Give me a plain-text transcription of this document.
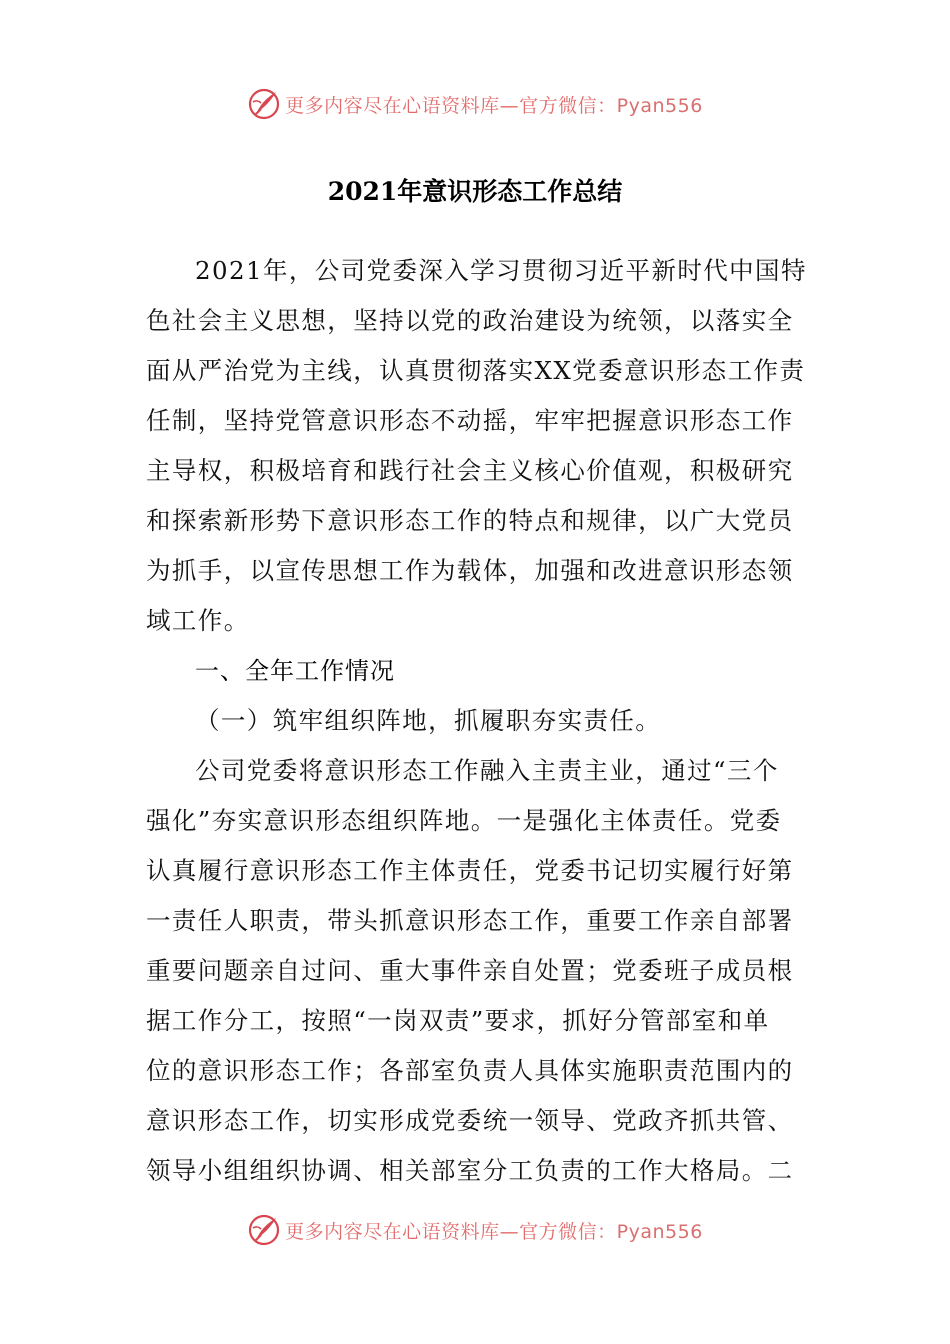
更多内容尽在心语资料库—官方微信：Pyan556
2021年意识形态工作总结
2021年，公司党委深入学习贯彻习近平新时代中国特
色社会主义思想，坚持以党的政治建设为统领，以落实全
面从严治党为主线，认真贯彻落实XX党委意识形态工作责
任制，坚持党管意识形态不动摇，牢牢把握意识形态工作
主导权，积极培育和践行社会主义核心价值观，积极研究
和探索新形势下意识形态工作的特点和规律，以广大党员
为抓手，以宣传思想工作为载体，加强和改进意识形态领
域工作。
一、全年工作情况
（一）筑牢组织阵地，抓履职夯实责任。
公司党委将意识形态工作融入主责主业，通过“三个
强化”夯实意识形态组织阵地。一是强化主体责任。党委
认真履行意识形态工作主体责任，党委书记切实履行好第
一责任人职责，带头抓意识形态工作，重要工作亲自部署
重要问题亲自过问、重大事件亲自处置；党委班子成员根
据工作分工，按照“一岗双责”要求，抓好分管部室和单
位的意识形态工作；各部室负责人具体实施职责范围内的
意识形态工作，切实形成党委统一领导、党政齐抓共管、
领导小组组织协调、相关部室分工负责的工作大格局。二
更多内容尽在心语资料库—官方微信：Pyan556
